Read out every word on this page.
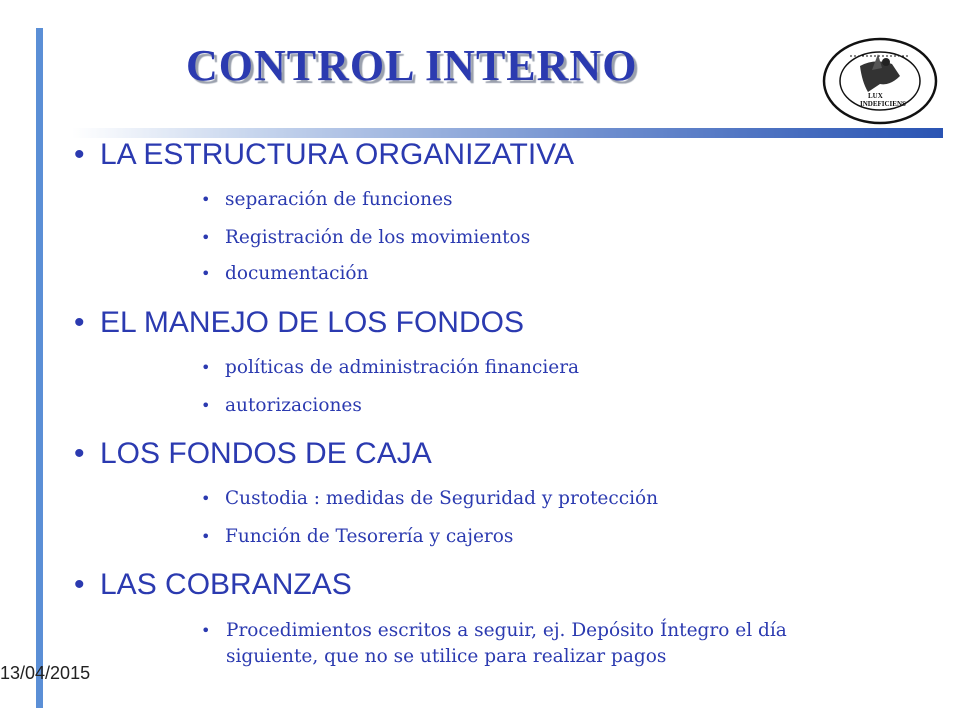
CONTROL INTERNO
LUX
INDEFICIENS
• LA ESTRUCTURA ORGANIZATIVA
• separación de funciones
• Registración de los movimientos
• documentación
• EL MANEJO DE LOS FONDOS
• políticas de administración financiera
• autorizaciones
• LOS FONDOS DE CAJA
• Custodia : medidas de Seguridad y protección
• Función de Tesorería y cajeros
• LAS COBRANZAS
• Procedimientos escritos a seguir, ej. Depósito Íntegro el día siguiente, que no se utilice para realizar pagos
13/04/2015
